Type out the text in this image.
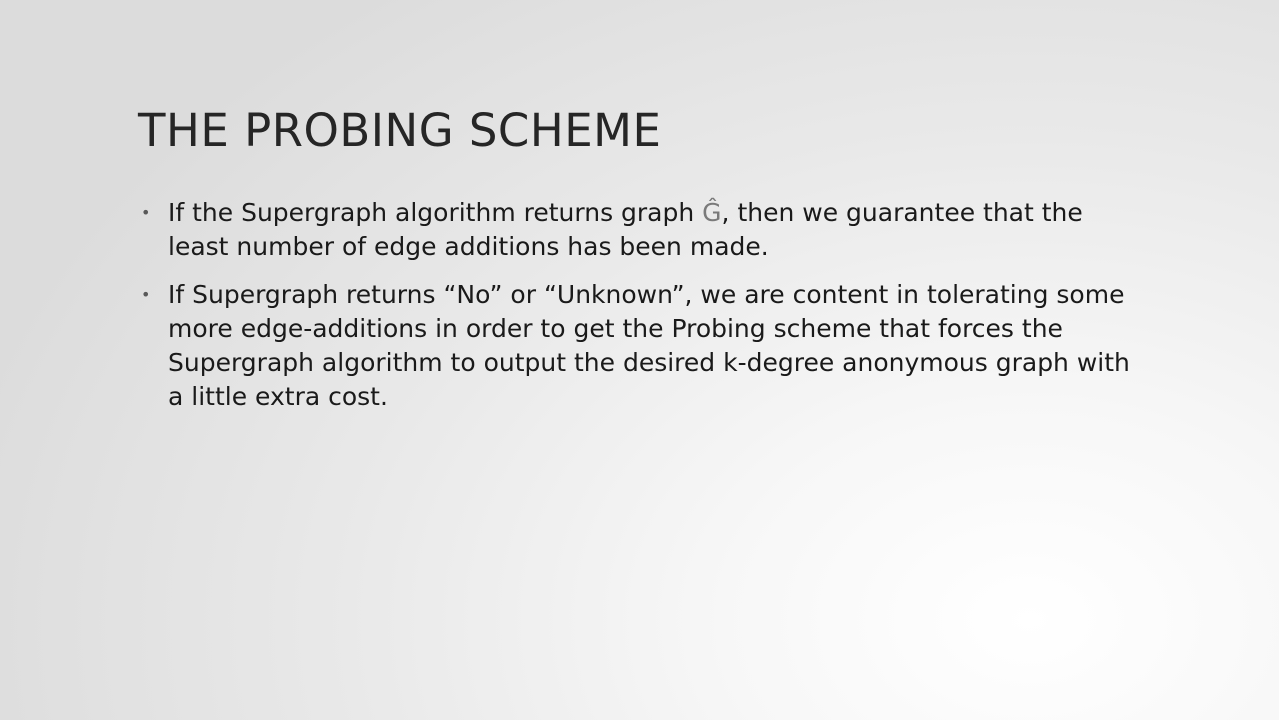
THE PROBING SCHEME
• If the Supergraph algorithm returns graph Ĝ, then we guarantee that the least number of edge additions has been made.
• If Supergraph returns “No” or “Unknown”, we are content in tolerating some more edge-additions in order to get the Probing scheme that forces the Supergraph algorithm to output the desired k-degree anonymous graph with a little extra cost.
